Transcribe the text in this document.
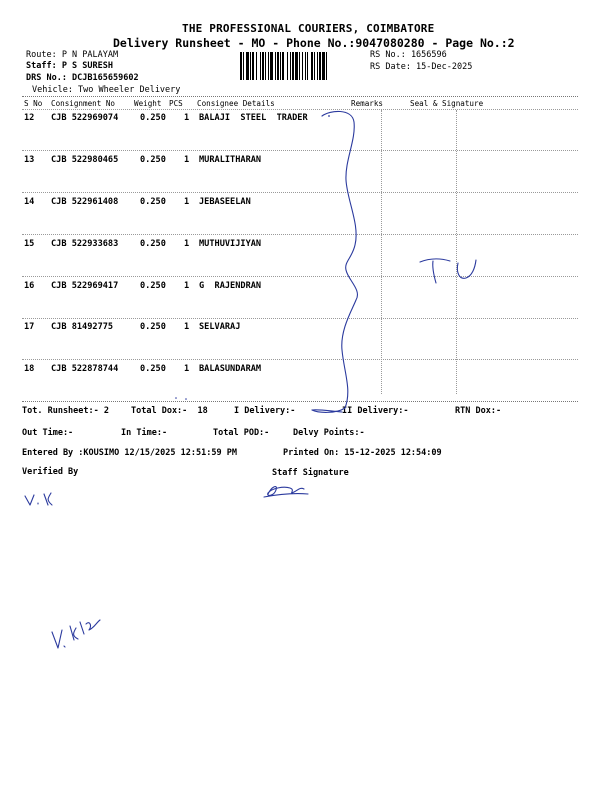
THE PROFESSIONAL COURIERS, COIMBATORE
Delivery Runsheet - MO - Phone No.:9047080280 - Page No.:2
Route: P N PALAYAM
Staff: P S SURESH
DRS No.: DCJB165659602
Vehicle: Two Wheeler Delivery
RS No.: 1656596
RS Date: 15-Dec-2025
S No Consignment No Weight PCS Consignee Details	Remarks	Seal & Signature
12 CJB 522969074	0.250 1 BALAJI  STEEL  TRADER
13 CJB 522980465	0.250 1 MURALITHARAN
14 CJB 522961408	0.250 1 JEBASEELAN
15 CJB 522933683	0.250 1 MUTHUVIJIYAN
16 CJB 522969417	0.250 1 G  RAJENDRAN
17 CJB 81492775	0.250 1 SELVARAJ
18 CJB 522878744	0.250 1 BALASUNDARAM
Tot. Runsheet:- 2	Total Dox:-  18	I Delivery:-	II Delivery:-	RTN Dox:-
Out Time:-	In Time:-	Total POD:-	Delvy Points:-
Entered By :KOUSIMO 12/15/2025 12:51:59 PM	Printed On: 15-12-2025 12:54:09
Verified By	Staff Signature
